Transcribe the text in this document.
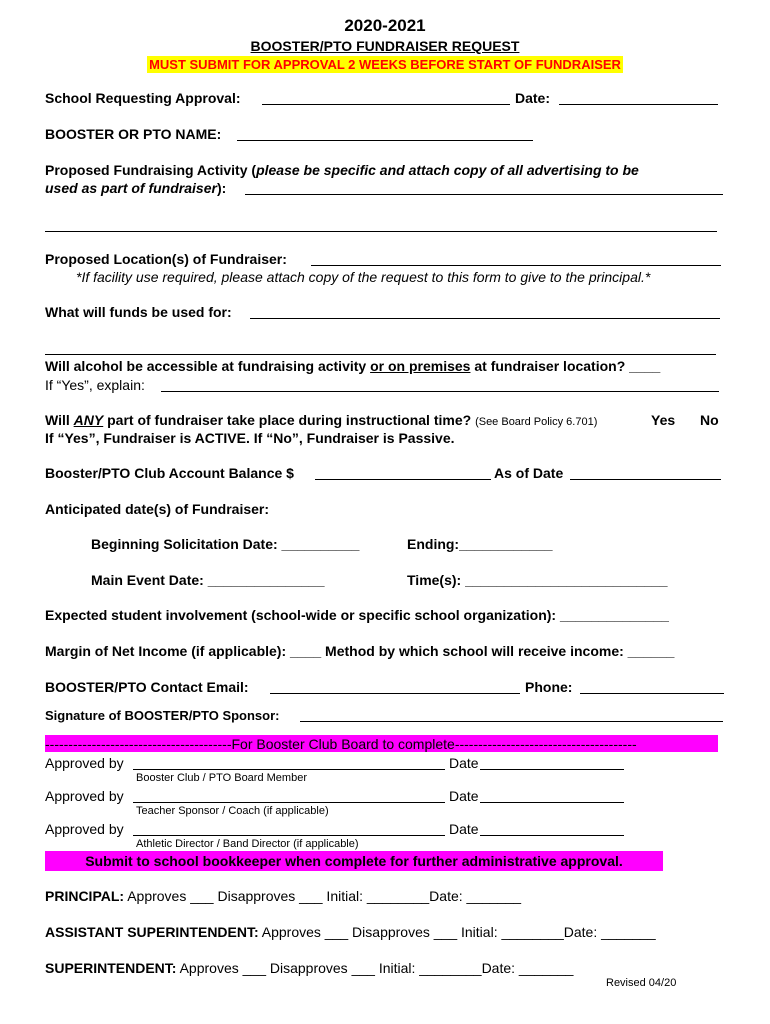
2020-2021
BOOSTER/PTO FUNDRAISER REQUEST
MUST SUBMIT FOR APPROVAL 2 WEEKS BEFORE START OF FUNDRAISER
School Requesting Approval:	Date:
BOOSTER OR PTO NAME:
Proposed Fundraising Activity (please be specific and attach copy of all advertising to be
used as part of fundraiser):
Proposed Location(s) of Fundraiser:
*If facility use required, please attach copy of the request to this form to give to the principal.*
What will funds be used for:
Will alcohol be accessible at fundraising activity or on premises at fundraiser location? ____
If “Yes”, explain:
Will ANY part of fundraiser take place during instructional time? (See Board Policy 6.701)	Yes No
If “Yes”, Fundraiser is ACTIVE. If “No”, Fundraiser is Passive.
Booster/PTO Club Account Balance $	As of Date
Anticipated date(s) of Fundraiser:
Beginning Solicitation Date: __________	Ending:____________
Main Event Date: _______________	Time(s): __________________________
Expected student involvement (school-wide or specific school organization): ______________
Margin of Net Income (if applicable): ____ Method by which school will receive income: ______
BOOSTER/PTO Contact Email:	Phone:
Signature of BOOSTER/PTO Sponsor:
----------------------------------------For Booster Club Board to complete---------------------------------------
Approved by	Date
Booster Club / PTO Board Member
Approved by	Date
Teacher Sponsor / Coach (if applicable)
Approved by	Date
Athletic Director / Band Director (if applicable)
Submit to school bookkeeper when complete for further administrative approval.
PRINCIPAL: Approves ___ Disapproves ___ Initial: ________Date: _______
ASSISTANT SUPERINTENDENT: Approves ___ Disapproves ___ Initial: ________Date: _______
SUPERINTENDENT: Approves ___ Disapproves ___ Initial: ________Date: _______
Revised 04/20
